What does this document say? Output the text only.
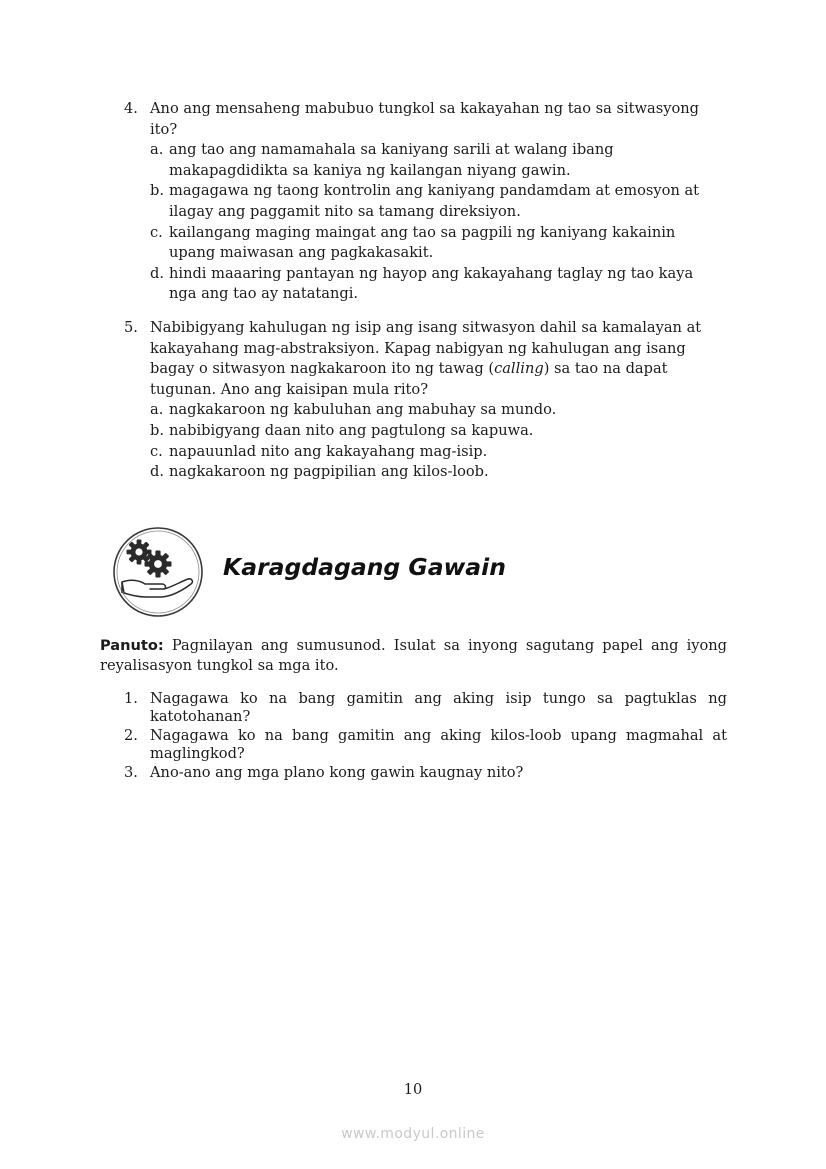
4. Ano ang mensaheng mabubuo tungkol sa kakayahan ng tao sa sitwasyong ito?
a. ang tao ang namamahala sa kaniyang sarili at walang ibang makapagdidikta sa kaniya ng kailangan niyang gawin.
b. magagawa ng taong kontrolin ang kaniyang pandamdam at emosyon at ilagay ang paggamit nito sa tamang direksiyon.
c. kailangang maging maingat ang tao sa pagpili ng kaniyang kakainin upang maiwasan ang pagkakasakit.
d. hindi maaaring pantayan ng hayop ang kakayahang taglay ng tao kaya nga ang tao ay natatangi.
5. Nabibigyang kahulugan ng isip ang isang sitwasyon dahil sa kamalayan at kakayahang mag-abstraksiyon. Kapag nabigyan ng kahulugan ang isang bagay o sitwasyon nagkakaroon ito ng tawag (calling) sa tao na dapat tugunan. Ano ang kaisipan mula rito?
a. nagkakaroon ng kabuluhan ang mabuhay sa mundo.
b. nabibigyang daan nito ang pagtulong sa kapuwa.
c. napauunlad nito ang kakayahang mag-isip.
d. nagkakaroon ng pagpipilian ang kilos-loob.
Karagdagang Gawain
Panuto: Pagnilayan ang sumusunod. Isulat sa inyong sagutang papel ang iyong reyalisasyon tungkol sa mga ito.
1. Nagagawa ko na bang gamitin ang aking isip tungo sa pagtuklas ng katotohanan?
2. Nagagawa ko na bang gamitin ang aking kilos-loob upang magmahal at maglingkod?
3. Ano-ano ang mga plano kong gawin kaugnay nito?
10
www.modyul.online
